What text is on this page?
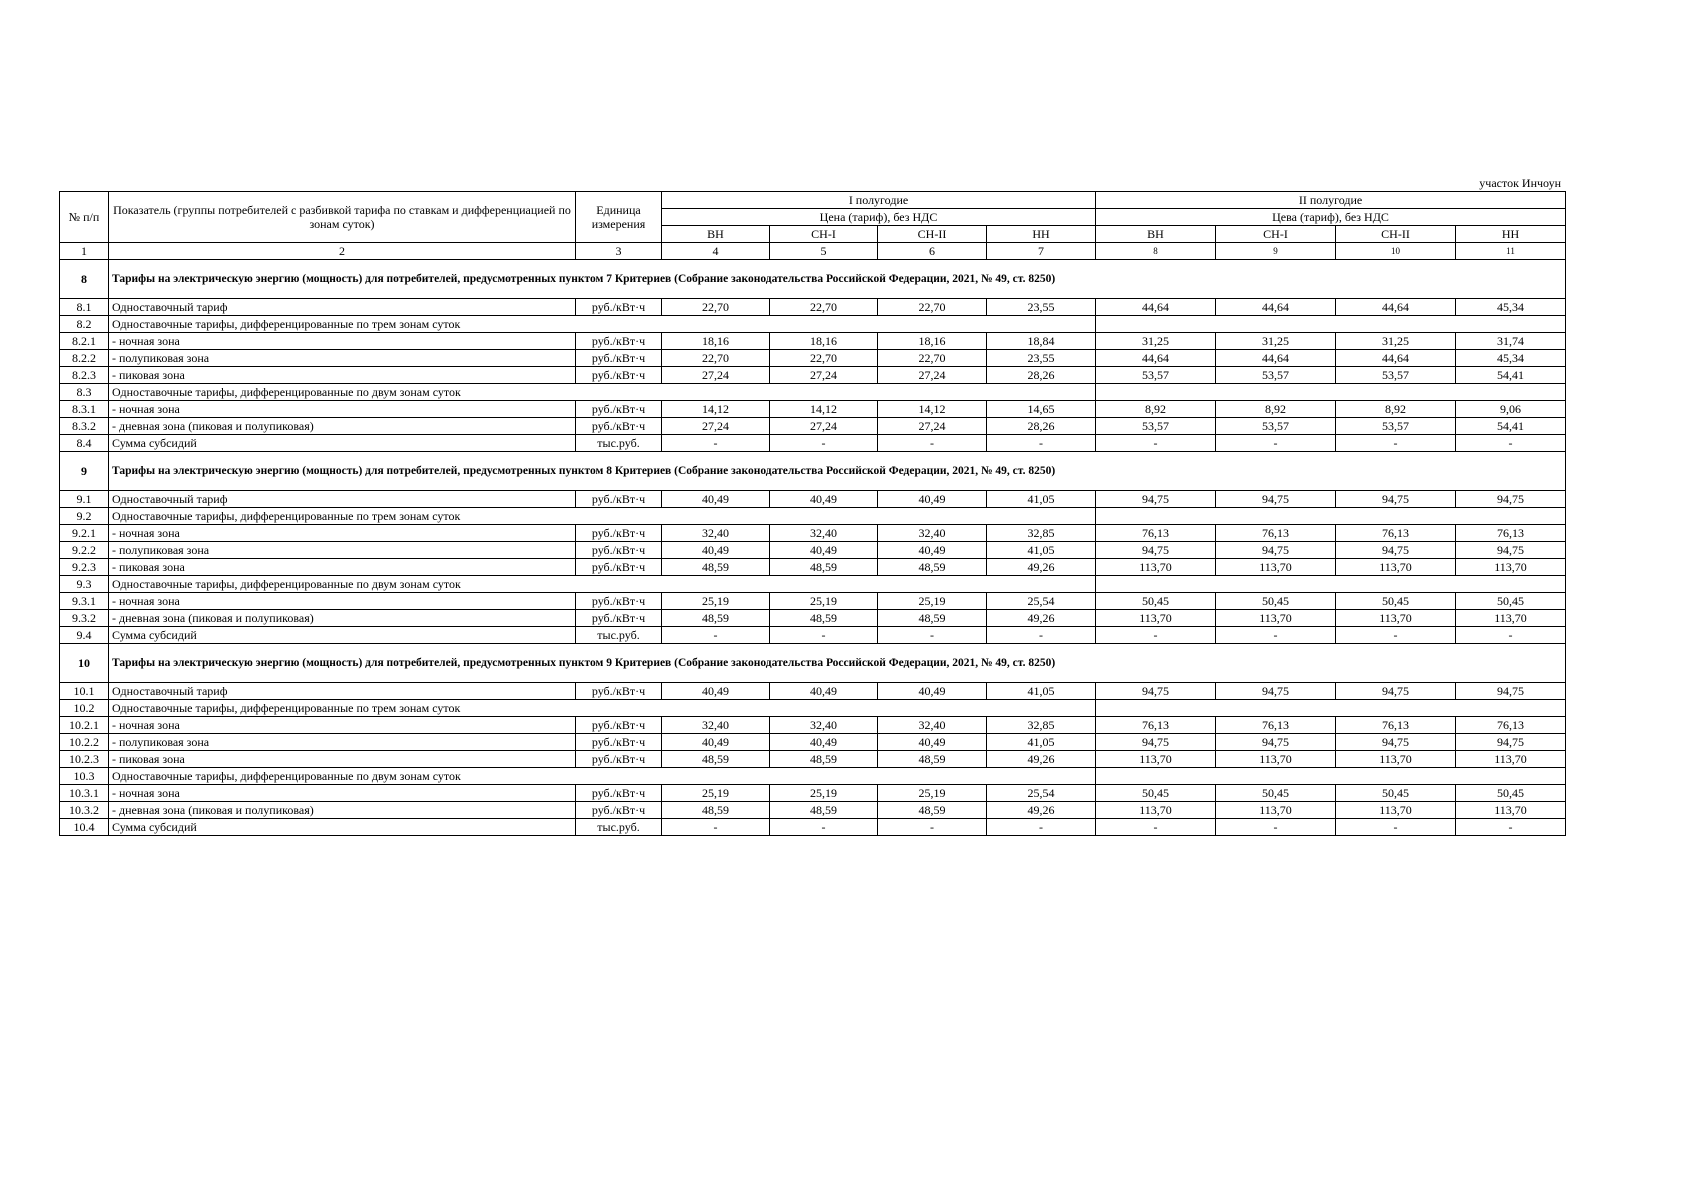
участок Инчоун
№ п/п	Показатель (группы потребителей с разбивкой тарифа по ставкам и дифференциацией по зонам суток)	Единица измерения	I полугодие				II полугодие			
			Цена (тариф), без НДС				Цева (тариф), без НДС			
			ВН	СН-I	СН-II	НН	ВН	СН-I	СН-II	НН
1	2	3	4	5	6	7	8	9	10	11
8	Тарифы на электрическую энергию (мощность) для потребителей, предусмотренных пунктом 7 Критериев (Собрание законодательства Российской Федерации, 2021, № 49, ст. 8250)									
8.1	Одноставочный тариф	руб./кВт·ч	22,70	22,70	22,70	23,55	44,64	44,64	44,64	45,34
8.2	Одноставочные тарифы, дифференцированные по трем зонам суток									
8.2.1	- ночная зона	руб./кВт·ч	18,16	18,16	18,16	18,84	31,25	31,25	31,25	31,74
8.2.2	- полупиковая зона	руб./кВт·ч	22,70	22,70	22,70	23,55	44,64	44,64	44,64	45,34
8.2.3	- пиковая зона	руб./кВт·ч	27,24	27,24	27,24	28,26	53,57	53,57	53,57	54,41
8.3	Одноставочные тарифы, дифференцированные по двум зонам суток									
8.3.1	- ночная зона	руб./кВт·ч	14,12	14,12	14,12	14,65	8,92	8,92	8,92	9,06
8.3.2	- дневная зона (пиковая и полупиковая)	руб./кВт·ч	27,24	27,24	27,24	28,26	53,57	53,57	53,57	54,41
8.4	Сумма субсидий	тыс.руб.	-	-	-	-	-	-	-	-
9	Тарифы на электрическую энергию (мощность) для потребителей, предусмотренных пунктом 8 Критериев (Собрание законодательства Российской Федерации, 2021, № 49, ст. 8250)									
9.1	Одноставочный тариф	руб./кВт·ч	40,49	40,49	40,49	41,05	94,75	94,75	94,75	94,75
9.2	Одноставочные тарифы, дифференцированные по трем зонам суток									
9.2.1	- ночная зона	руб./кВт·ч	32,40	32,40	32,40	32,85	76,13	76,13	76,13	76,13
9.2.2	- полупиковая зона	руб./кВт·ч	40,49	40,49	40,49	41,05	94,75	94,75	94,75	94,75
9.2.3	- пиковая зона	руб./кВт·ч	48,59	48,59	48,59	49,26	113,70	113,70	113,70	113,70
9.3	Одноставочные тарифы, дифференцированные по двум зонам суток									
9.3.1	- ночная зона	руб./кВт·ч	25,19	25,19	25,19	25,54	50,45	50,45	50,45	50,45
9.3.2	- дневная зона (пиковая и полупиковая)	руб./кВт·ч	48,59	48,59	48,59	49,26	113,70	113,70	113,70	113,70
9.4	Сумма субсидий	тыс.руб.	-	-	-	-	-	-	-	-
10	Тарифы на электрическую энергию (мощность) для потребителей, предусмотренных пунктом 9 Критериев (Собрание законодательства Российской Федерации, 2021, № 49, ст. 8250)									
10.1	Одноставочный тариф	руб./кВт·ч	40,49	40,49	40,49	41,05	94,75	94,75	94,75	94,75
10.2	Одноставочные тарифы, дифференцированные по трем зонам суток									
10.2.1	- ночная зона	руб./кВт·ч	32,40	32,40	32,40	32,85	76,13	76,13	76,13	76,13
10.2.2	- полупиковая зона	руб./кВт·ч	40,49	40,49	40,49	41,05	94,75	94,75	94,75	94,75
10.2.3	- пиковая зона	руб./кВт·ч	48,59	48,59	48,59	49,26	113,70	113,70	113,70	113,70
10.3	Одноставочные тарифы, дифференцированные по двум зонам суток									
10.3.1	- ночная зона	руб./кВт·ч	25,19	25,19	25,19	25,54	50,45	50,45	50,45	50,45
10.3.2	- дневная зона (пиковая и полупиковая)	руб./кВт·ч	48,59	48,59	48,59	49,26	113,70	113,70	113,70	113,70
10.4	Сумма субсидий	тыс.руб.	-	-	-	-	-	-	-	-
